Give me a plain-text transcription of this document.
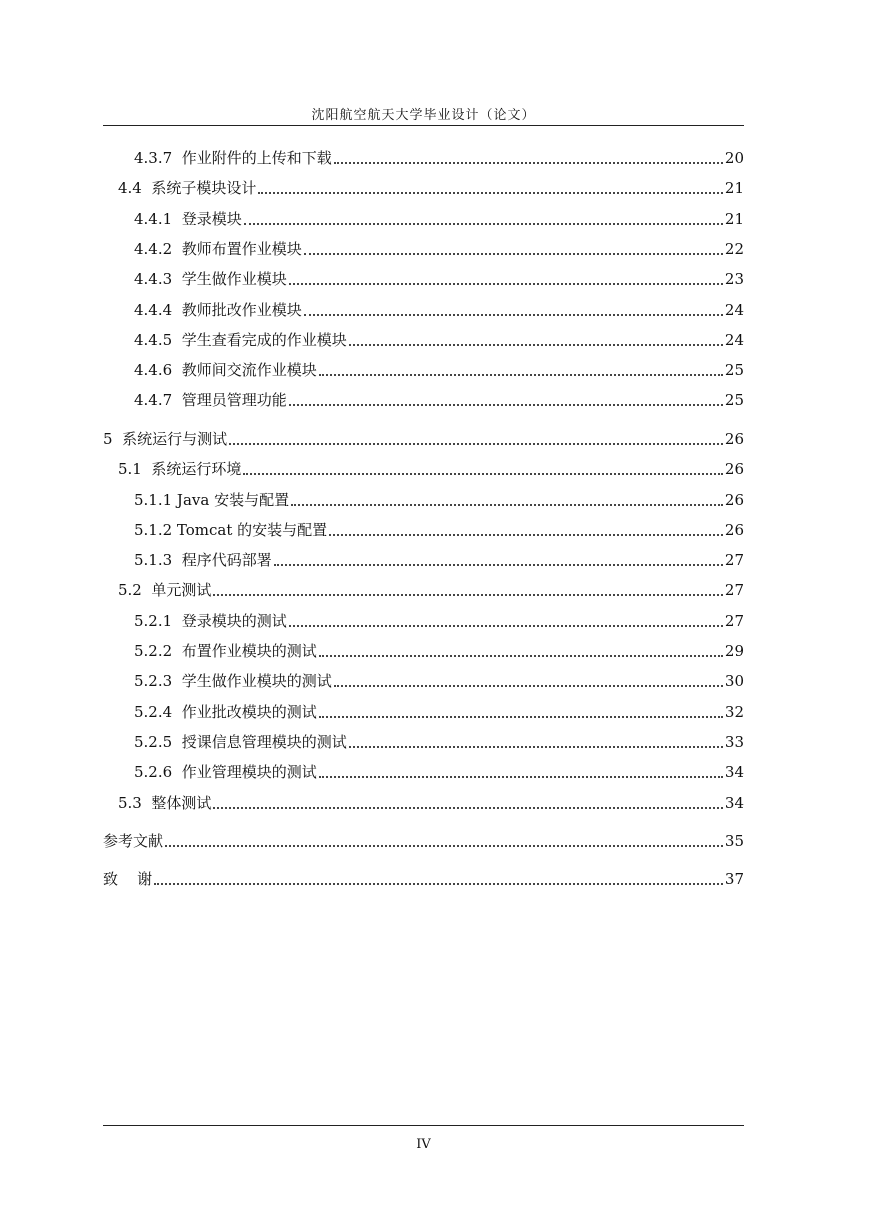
沈阳航空航天大学毕业设计（论文）
4.3.7  作业附件的上传和下载	20
4.4  系统子模块设计	21
4.4.1  登录模块	21
4.4.2  教师布置作业模块	22
4.4.3  学生做作业模块	23
4.4.4  教师批改作业模块	24
4.4.5  学生查看完成的作业模块	24
4.4.6  教师间交流作业模块	25
4.4.7  管理员管理功能	25
5  系统运行与测试	26
5.1  系统运行环境	26
5.1.1 Java 安装与配置	26
5.1.2 Tomcat 的安装与配置	26
5.1.3  程序代码部署	27
5.2  单元测试	27
5.2.1  登录模块的测试	27
5.2.2  布置作业模块的测试	29
5.2.3  学生做作业模块的测试	30
5.2.4  作业批改模块的测试	32
5.2.5  授课信息管理模块的测试	33
5.2.6  作业管理模块的测试	34
5.3  整体测试	34
参考文献	35
致    谢	37
IV
